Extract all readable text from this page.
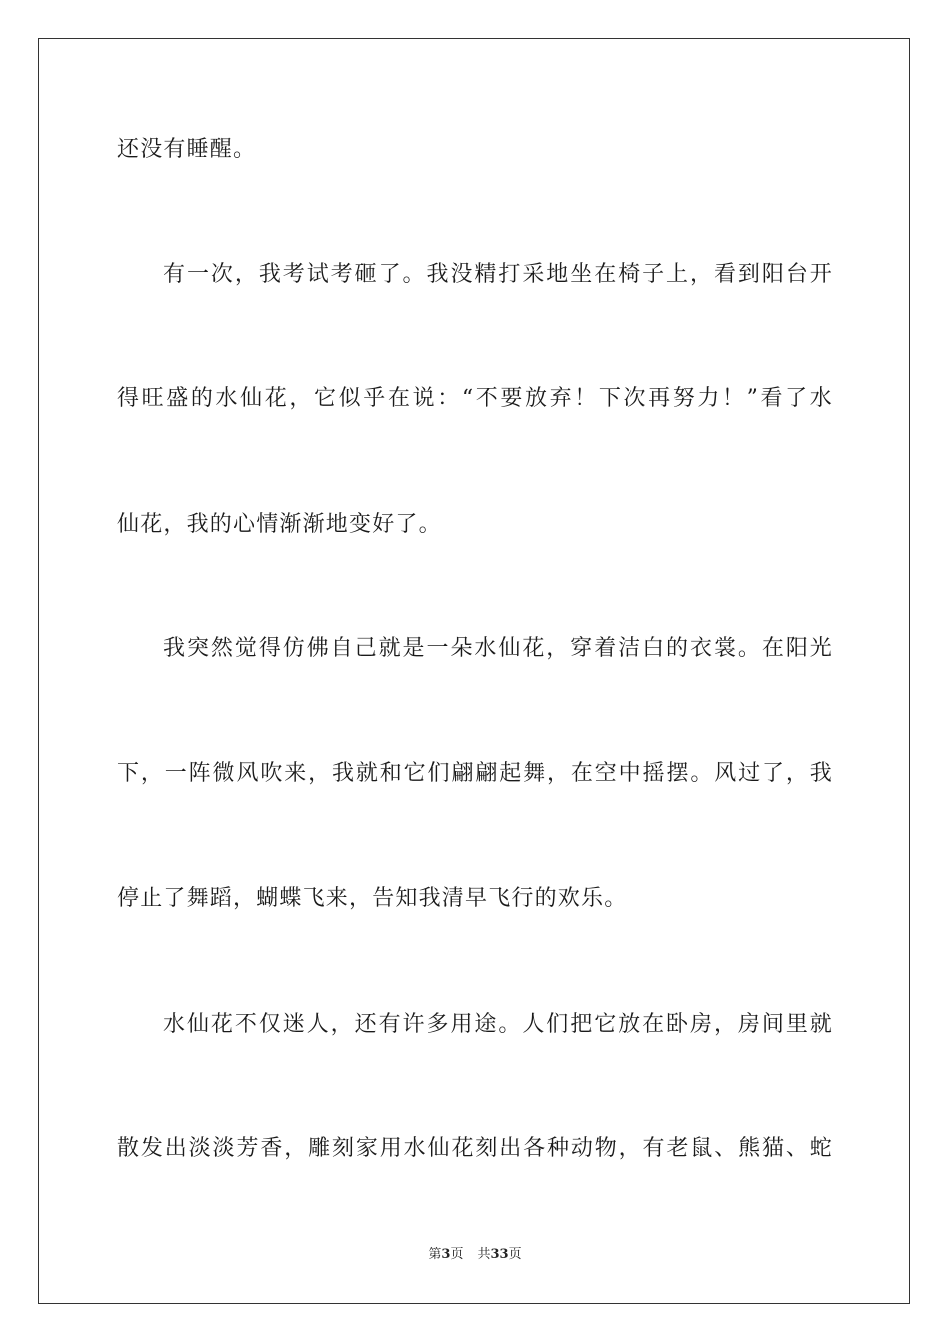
还没有睡醒。
有一次，我考试考砸了。我没精打采地坐在椅子上，看到阳台开
得旺盛的水仙花，它似乎在说：“不要放弃！下次再努力！”看了水
仙花，我的心情渐渐地变好了。
我突然觉得仿佛自己就是一朵水仙花，穿着洁白的衣裳。在阳光
下，一阵微风吹来，我就和它们翩翩起舞，在空中摇摆。风过了，我
停止了舞蹈，蝴蝶飞来，告知我清早飞行的欢乐。
水仙花不仅迷人，还有许多用途。人们把它放在卧房，房间里就
散发出淡淡芳香，雕刻家用水仙花刻出各种动物，有老鼠、熊猫、蛇
第3页 共33页
